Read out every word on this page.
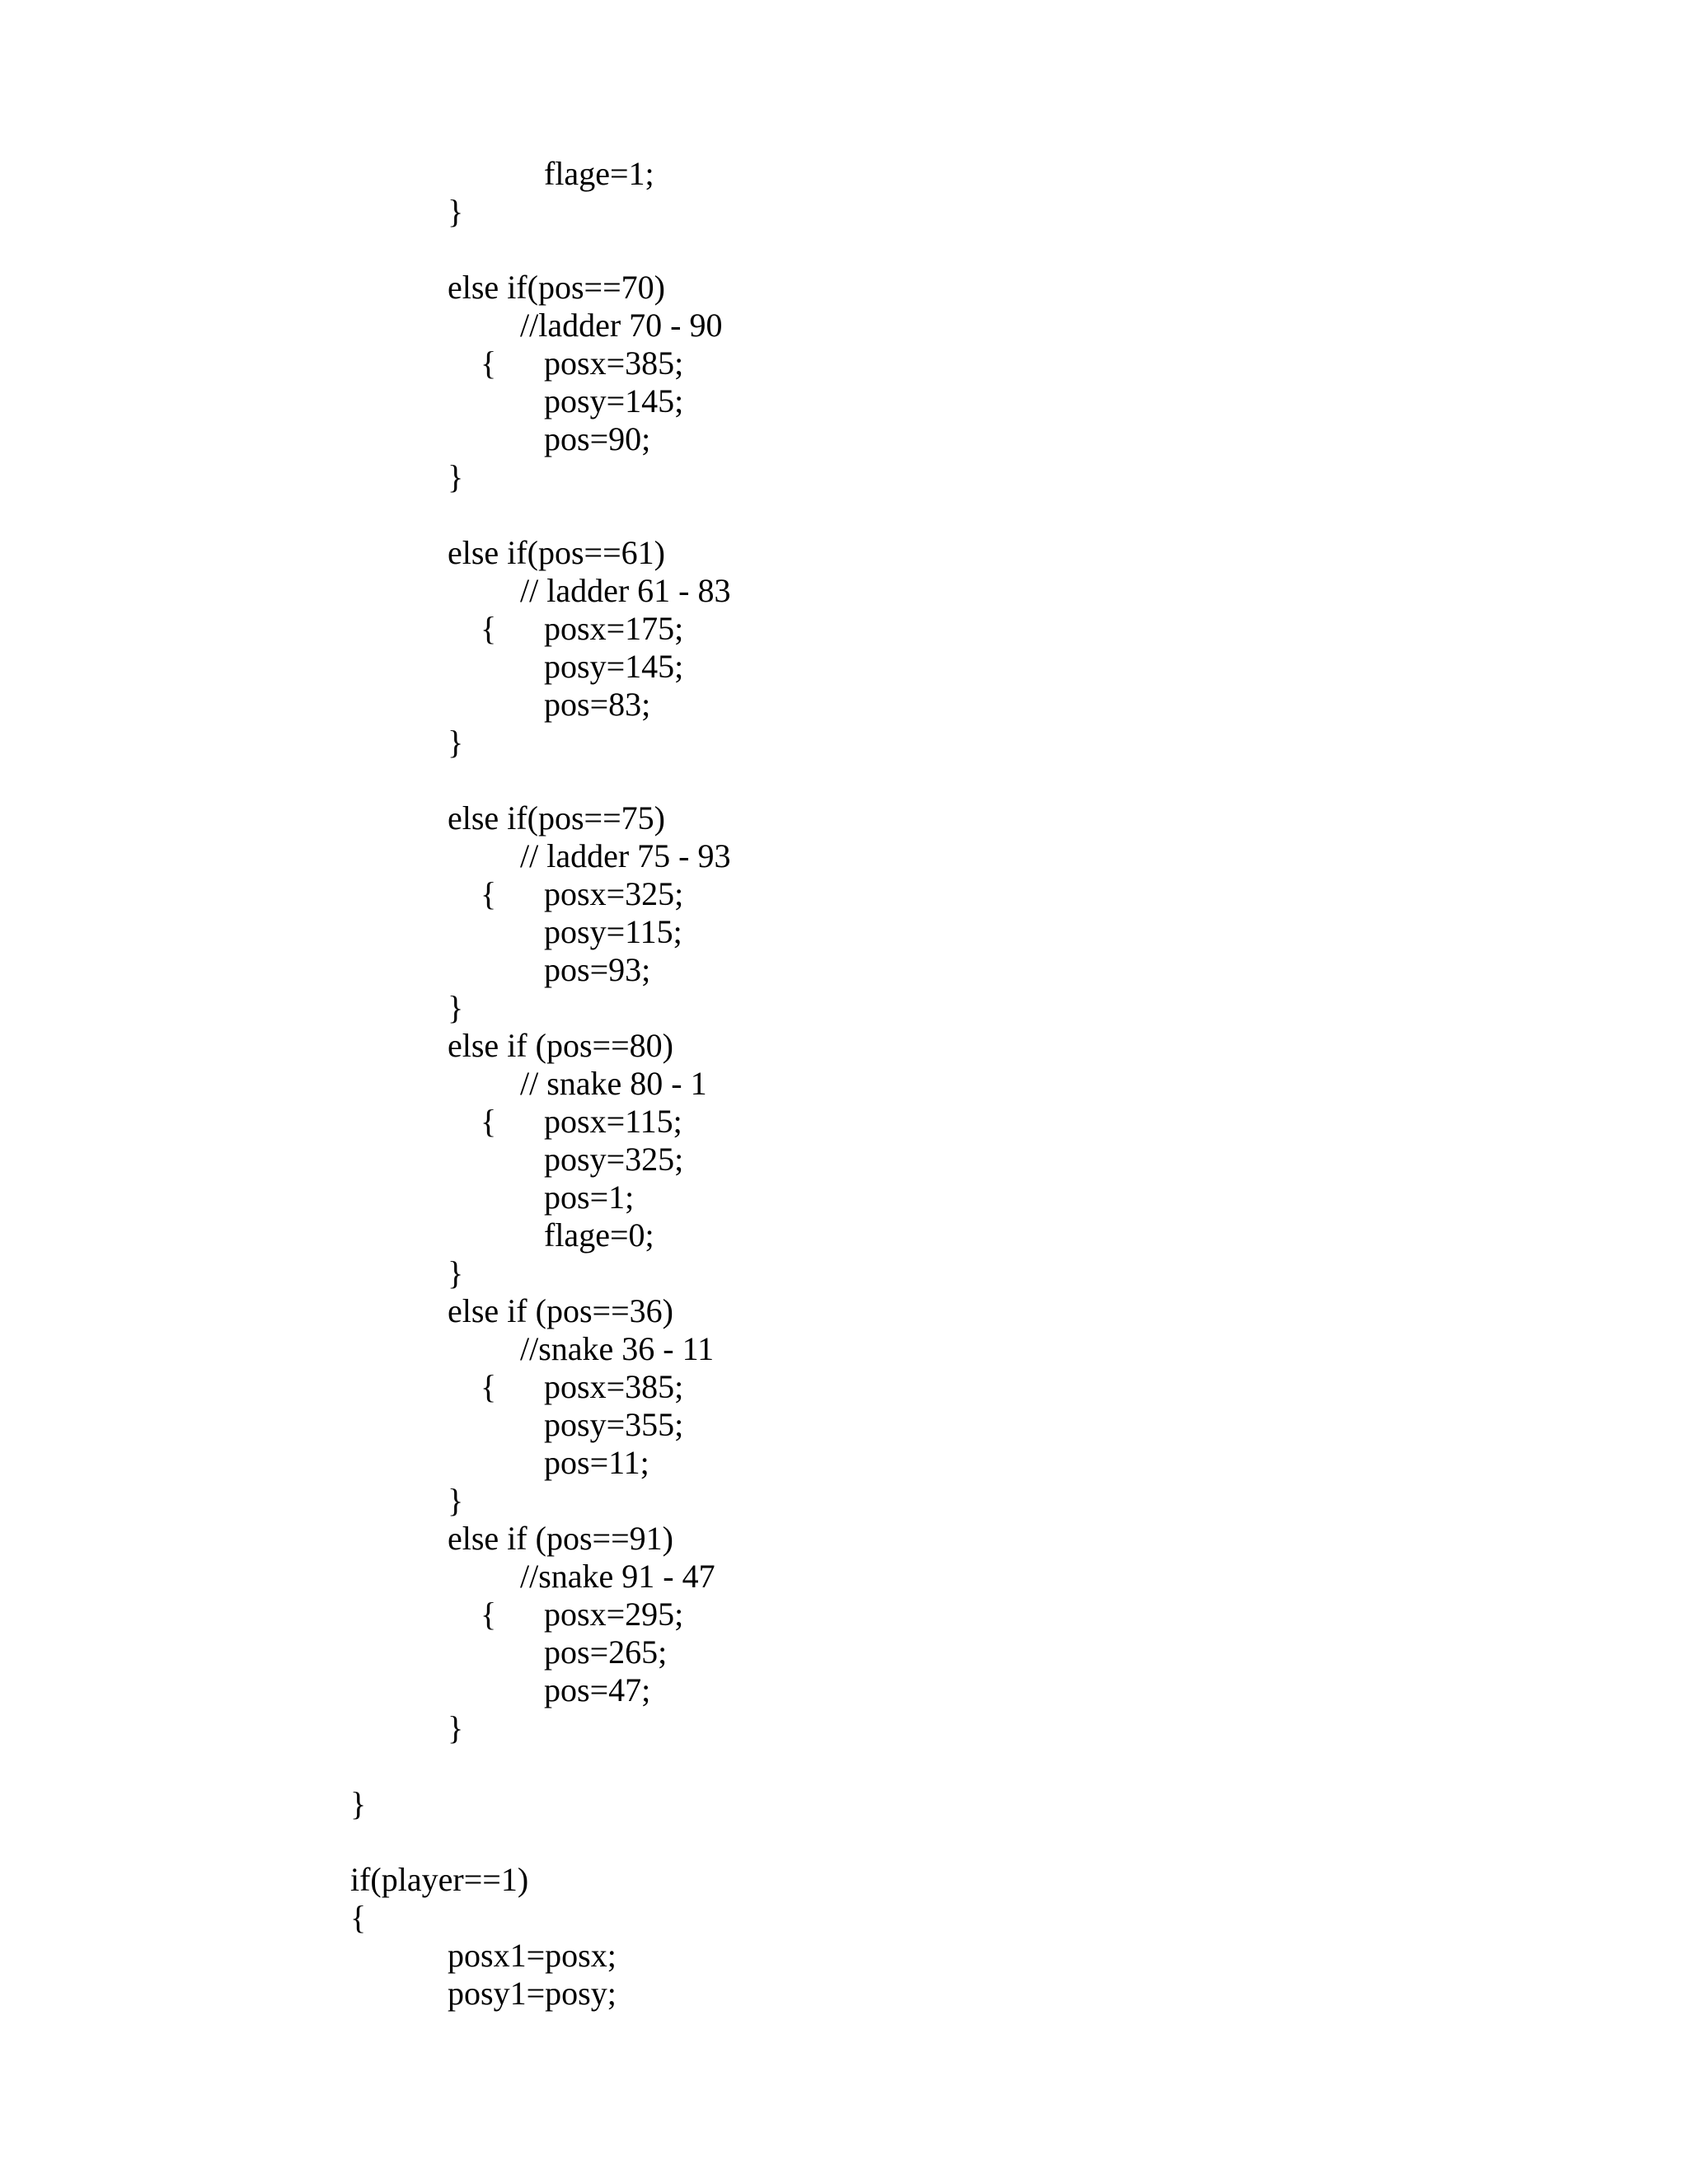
flage=1;

}

else if(pos==70)

{
//ladder 70 - 90

posx=385;

posy=145;

pos=90;

}

else if(pos==61)

{
// ladder 61 - 83

posx=175;

posy=145;

pos=83;

}

else if(pos==75)

{
// ladder 75 - 93

posx=325;

posy=115;

pos=93;

}

else if (pos==80)

{
// snake 80 - 1

posx=115;

posy=325;

pos=1;

flage=0;

}

else if (pos==36)

{
//snake 36 - 11

posx=385;

posy=355;

pos=11;

}

else if (pos==91)

{
//snake 91 - 47

posx=295;

pos=265;

pos=47;

}

}

if(player==1)

{

posx1=posx;

posy1=posy;
